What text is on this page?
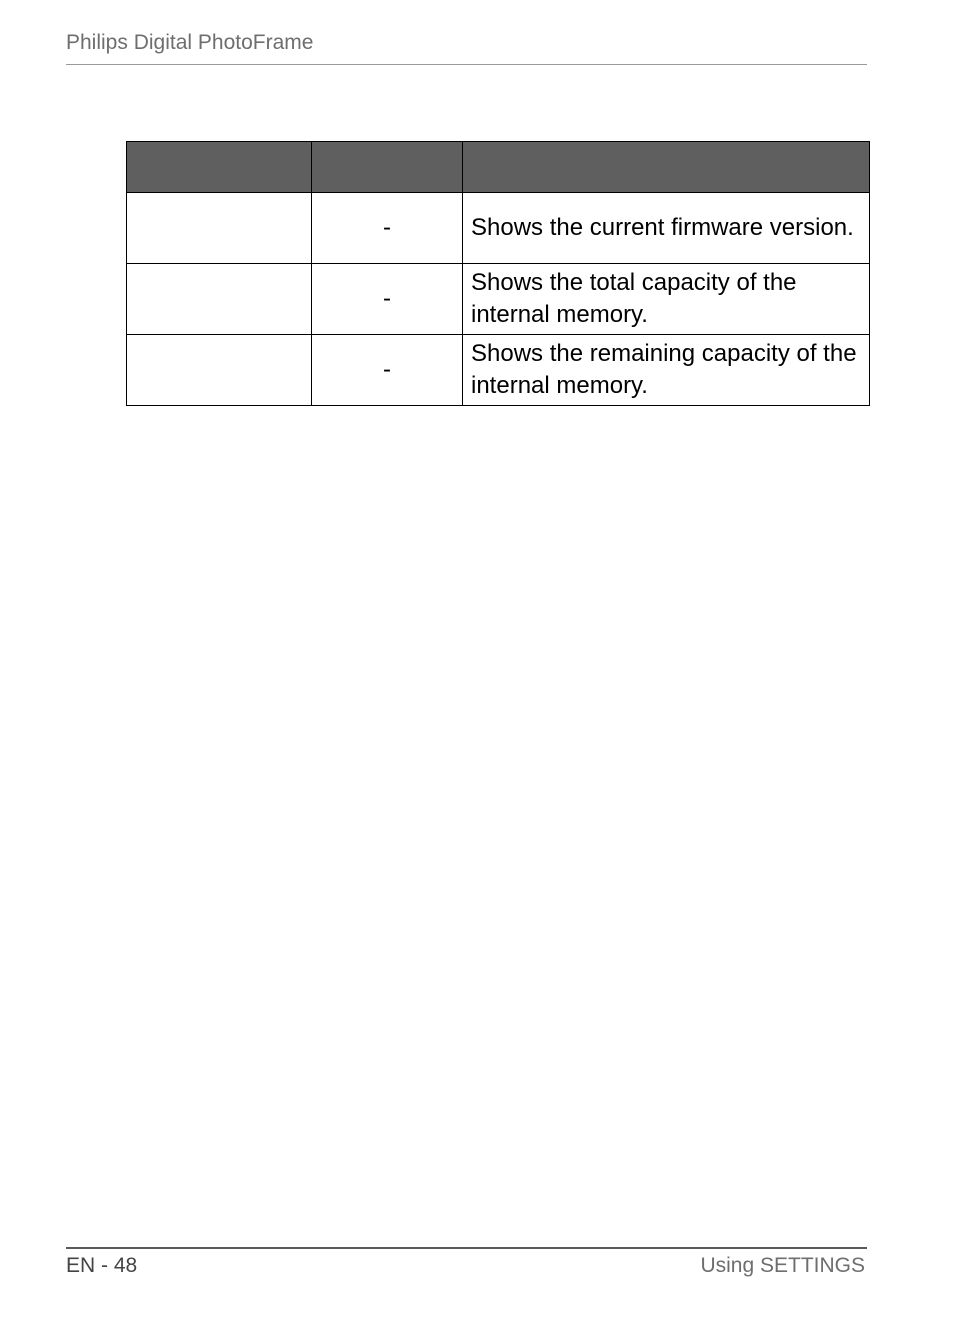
Philips Digital PhotoFrame

	-	Shows the current firmware version.
	-	Shows the total capacity of the internal memory.
	-	Shows the remaining capacity of the internal memory.
EN - 48	Using SETTINGS
